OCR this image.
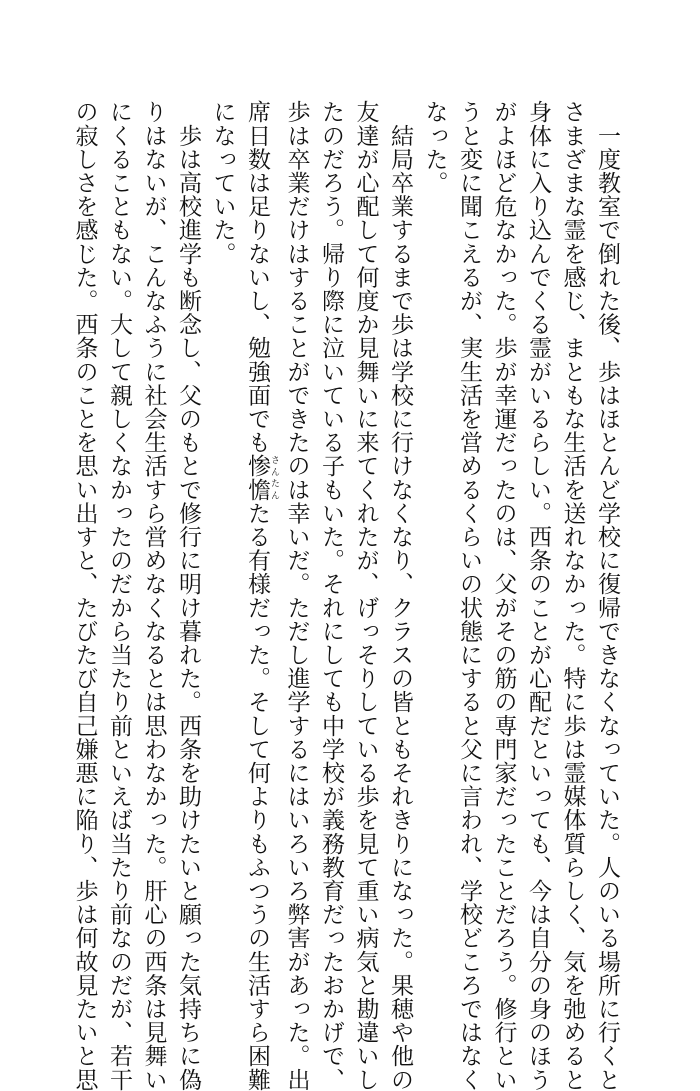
　一度教室で倒れた後、歩はほとんど学校に復帰できなくなっていた。人のいる場所に行くと
さまざまな霊を感じ、まともな生活を送れなかった。特に歩は霊媒体質らしく、気を弛めると
身体に入り込んでくる霊がいるらしい。西条のことが心配だといっても、今は自分の身のほう
がよほど危なかった。歩が幸運だったのは、父がその筋の専門家だったことだろう。修行とい
うと変に聞こえるが、実生活を営めるくらいの状態にすると父に言われ、学校どころではなく
なった。
　結局卒業するまで歩は学校に行けなくなり、クラスの皆ともそれきりになった。果穂や他の
友達が心配して何度か見舞いに来てくれたが、げっそりしている歩を見て重い病気と勘違いし
たのだろう。帰り際に泣いている子もいた。それにしても中学校が義務教育だったおかげで、
歩は卒業だけはすることができたのは幸いだ。ただし進学するにはいろいろ弊害があった。出
席日数は足りないし、勉強面でも惨憺 さんたんたる有様だった。そして何よりもふつうの生活すら困難
になっていた。
　歩は高校進学も断念し、父のもとで修行に明け暮れた。西条を助けたいと願った気持ちに偽
りはないが、こんなふうに社会生活すら営めなくなるとは思わなかった。肝心の西条は見舞い
にくることもない。大して親しくなかったのだから当たり前といえば当たり前なのだが、若干
の寂しさを感じた。西条のことを思い出すと、たびたび自己嫌悪に陥り、歩は何故見たいと思
